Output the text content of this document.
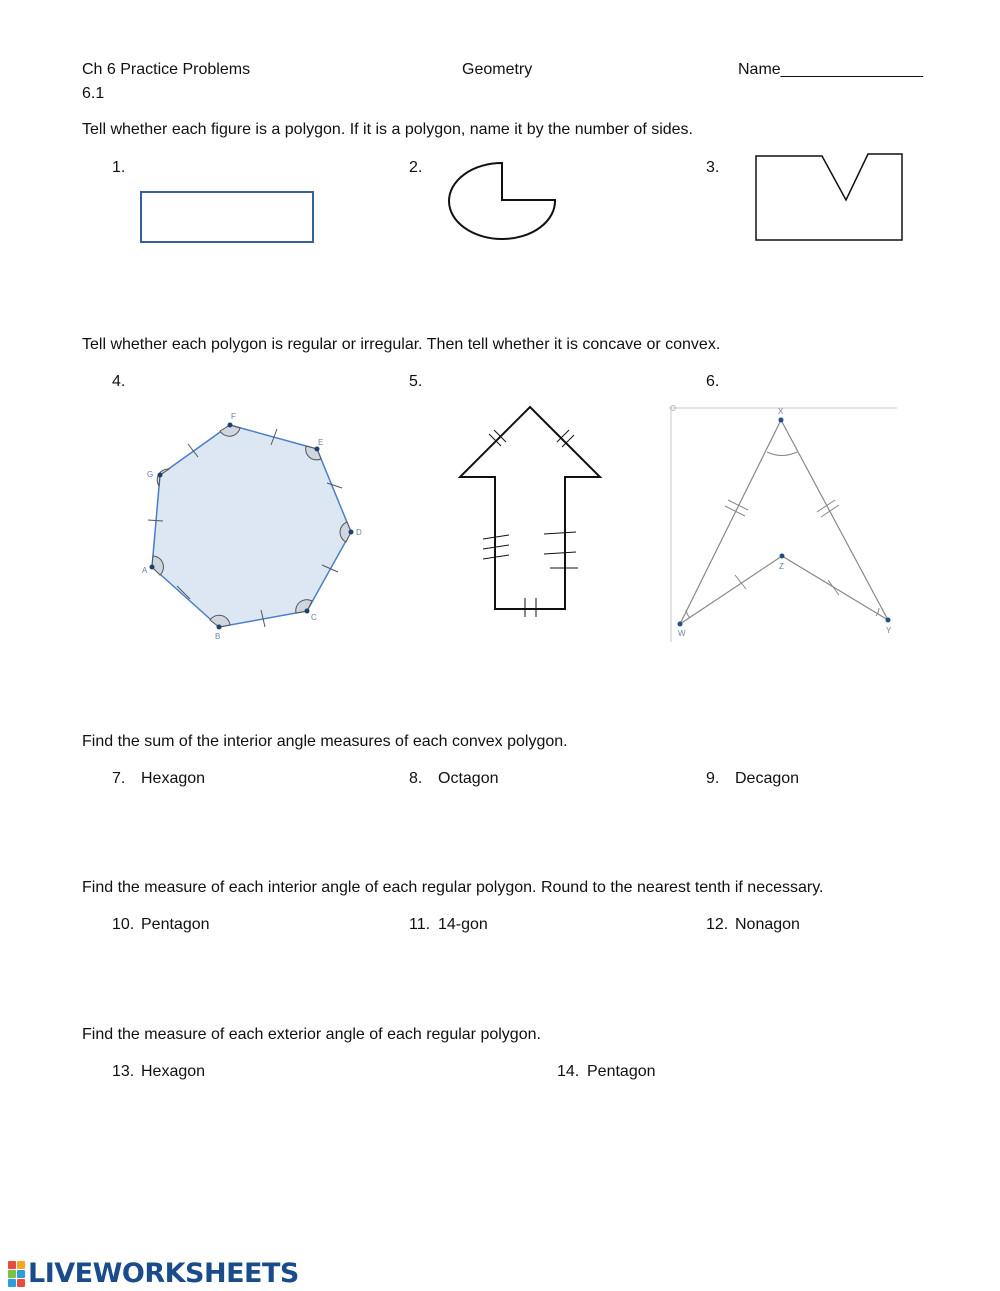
Ch 6 Practice Problems	Geometry	Name________________
6.1
Tell whether each figure is a polygon. If it is a polygon, name it by the number of sides.
1.	2.	3.
Tell whether each polygon is regular or irregular. Then tell whether it is concave or convex.
4.	5.	6.
F
E
D
C
B
A
G
X
Z
W	Y
Find the sum of the interior angle measures of each convex polygon.
7. Hexagon	8. Octagon	9. Decagon
Find the measure of each interior angle of each regular polygon. Round to the nearest tenth if necessary.
10. Pentagon	11. 14-gon	12. Nonagon
Find the measure of each exterior angle of each regular polygon.
13. Hexagon	14. Pentagon
LIVEWORKSHEETS
